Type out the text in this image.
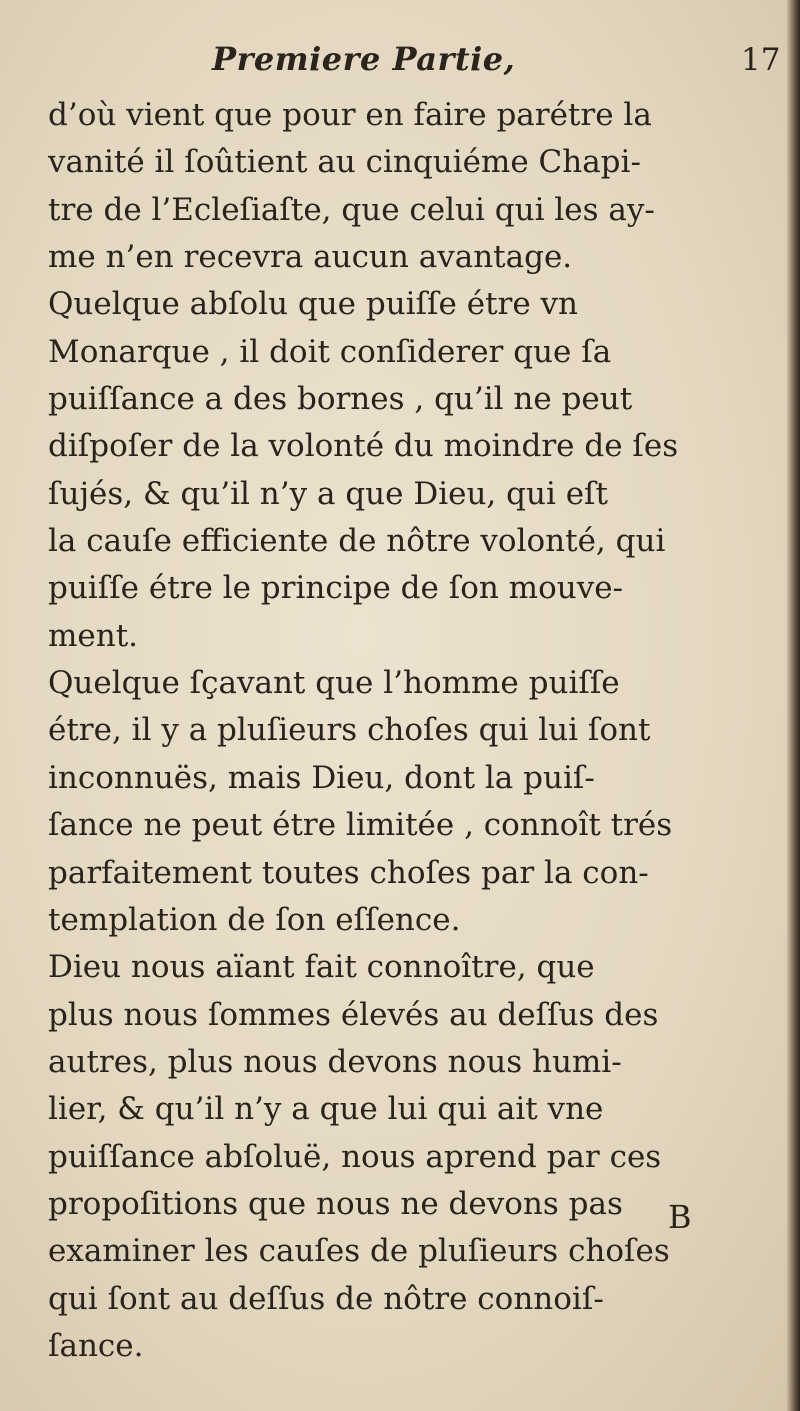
Premiere Partie,	17
d’où vient que pour en faire parétre la
vanité il ſoûtient au cinquiéme Chapi-
tre de l’Ecleſiaſte, que celui qui les ay-
me n’en recevra aucun avantage.
Quelque abſolu que puiſſe étre vn
Monarque , il doit conſiderer que ſa
puiſſance a des bornes , qu’il ne peut
diſpoſer de la volonté du moindre de ſes
ſujés, & qu’il n’y a que Dieu, qui eſt
la cauſe efficiente de nôtre volonté, qui
puiſſe étre le principe de ſon mouve-
ment.
Quelque ſçavant que l’homme puiſſe
étre, il y a pluſieurs choſes qui lui ſont
inconnuës, mais Dieu, dont la puiſ-
ſance ne peut étre limitée , connoît trés
parfaitement toutes choſes par la con-
templation de ſon eſſence.
Dieu nous aïant fait connoître, que
plus nous ſommes élevés au deſſus des
autres, plus nous devons nous humi-
lier, & qu’il n’y a que lui qui ait vne
puiſſance abſoluë, nous aprend par ces
propoſitions que nous ne devons pas
examiner les cauſes de pluſieurs choſes
qui ſont au deſſus de nôtre connoiſ-
ſance.
B
